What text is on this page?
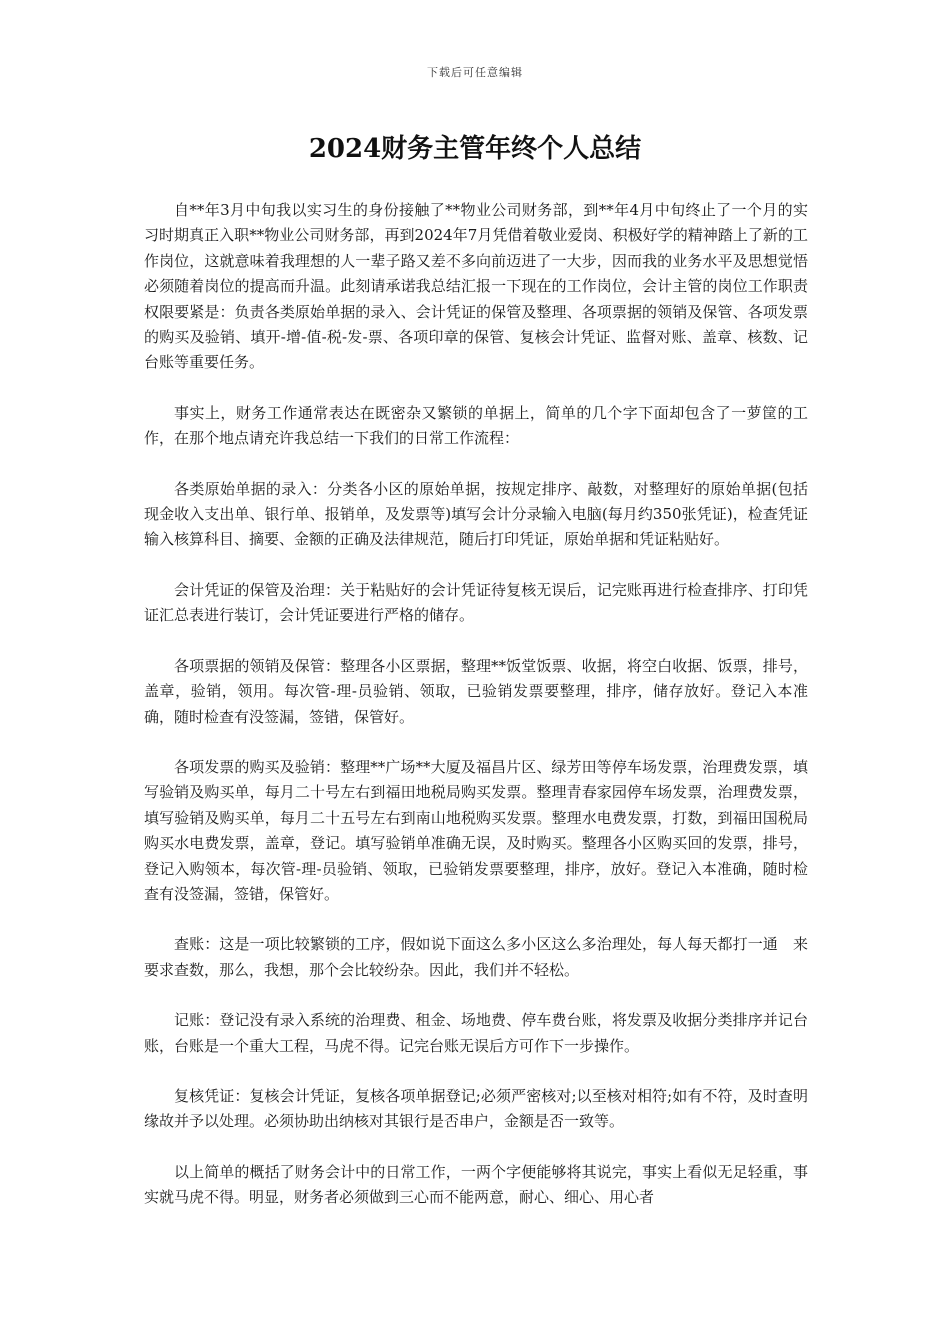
下载后可任意编辑
2024财务主管年终个人总结

自**年3月中旬我以实习生的身份接触了**物业公司财务部，到**年4月中旬终止了一个月的实习时期真正入职**物业公司财务部，再到2024年7月凭借着敬业爱岗、积极好学的精神踏上了新的工作岗位，这就意味着我理想的人一辈子路又差不多向前迈进了一大步，因而我的业务水平及思想觉悟必须随着岗位的提高而升温。此刻请承诺我总结汇报一下现在的工作岗位，会计主管的岗位工作职责权限要紧是：负责各类原始单据的录入、会计凭证的保管及整理、各项票据的领销及保管、各项发票的购买及验销、填开-增-值-税-发-票、各项印章的保管、复核会计凭证、监督对账、盖章、核数、记台账等重要任务。

事实上，财务工作通常表达在既密杂又繁锁的单据上，简单的几个字下面却包含了一萝筐的工作，在那个地点请充许我总结一下我们的日常工作流程：

各类原始单据的录入：分类各小区的原始单据，按规定排序、敲数，对整理好的原始单据(包括现金收入支出单、银行单、报销单，及发票等)填写会计分录输入电脑(每月约350张凭证)，检查凭证输入核算科目、摘要、金额的正确及法律规范，随后打印凭证，原始单据和凭证粘贴好。

会计凭证的保管及治理：关于粘贴好的会计凭证待复核无误后，记完账再进行检查排序、打印凭证汇总表进行装订，会计凭证要进行严格的储存。

各项票据的领销及保管：整理各小区票据，整理**饭堂饭票、收据，将空白收据、饭票，排号，盖章，验销，领用。每次管-理-员验销、领取，已验销发票要整理，排序，储存放好。登记入本准确，随时检查有没签漏，签错，保管好。

各项发票的购买及验销：整理**广场**大厦及福昌片区、绿芳田等停车场发票，治理费发票，填写验销及购买单，每月二十号左右到福田地税局购买发票。整理青春家园停车场发票，治理费发票，填写验销及购买单，每月二十五号左右到南山地税购买发票。整理水电费发票，打数，到福田国税局购买水电费发票，盖章，登记。填写验销单准确无误，及时购买。整理各小区购买回的发票，排号，登记入购领本，每次管-理-员验销、领取，已验销发票要整理，排序，放好。登记入本准确，随时检查有没签漏，签错，保管好。

查账：这是一项比较繁锁的工序，假如说下面这么多小区这么多治理处，每人每天都打一通　来要求查数，那么，我想，那个会比较纷杂。因此，我们并不轻松。

记账：登记没有录入系统的治理费、租金、场地费、停车费台账，将发票及收据分类排序并记台账，台账是一个重大工程，马虎不得。记完台账无误后方可作下一步操作。

复核凭证：复核会计凭证，复核各项单据登记;必须严密核对;以至核对相符;如有不符，及时查明缘故并予以处理。必须协助出纳核对其银行是否串户，金额是否一致等。

以上简单的概括了财务会计中的日常工作，一两个字便能够将其说完，事实上看似无足轻重，事实就马虎不得。明显，财务者必须做到三心而不能两意，耐心、细心、用心者
